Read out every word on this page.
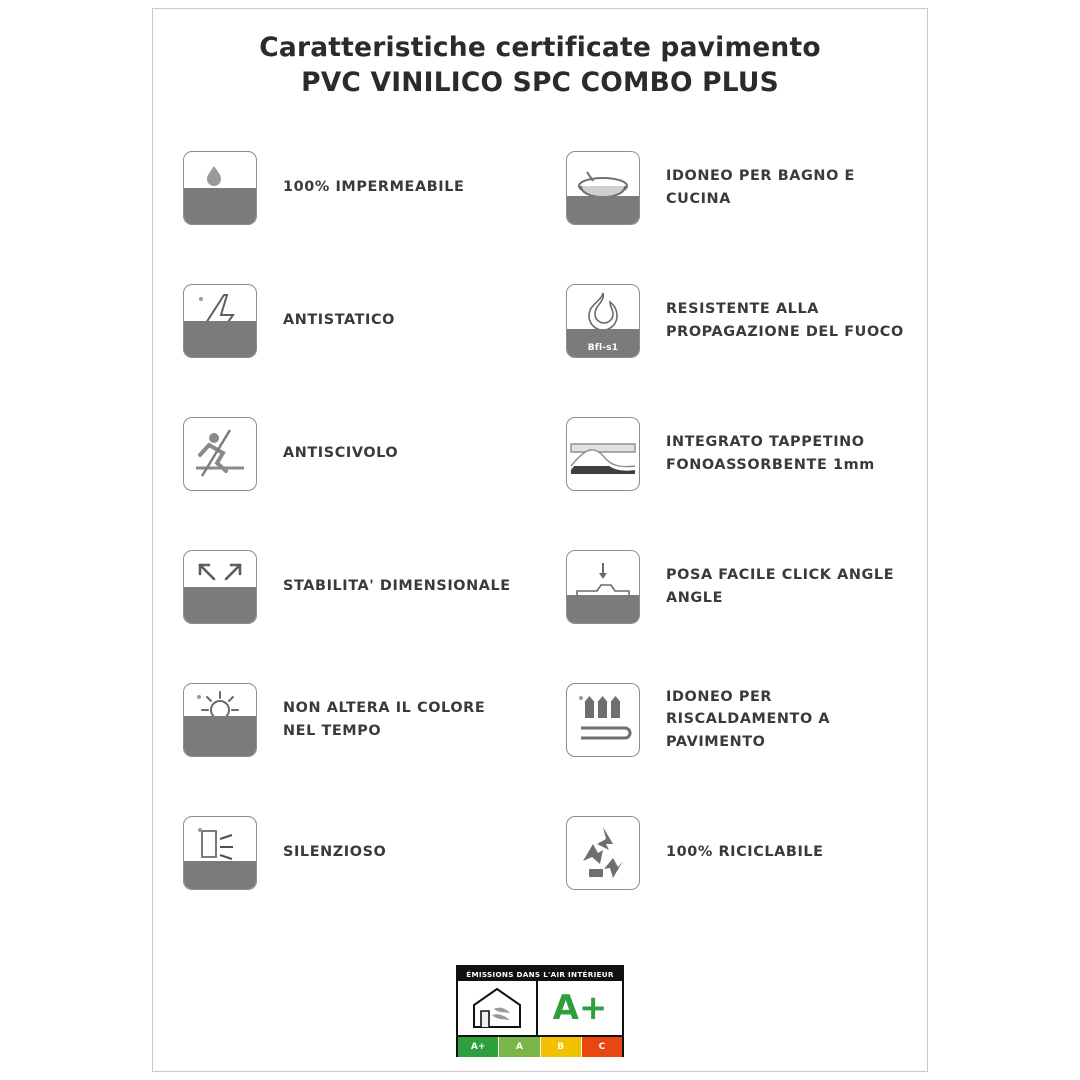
Caratteristiche certificate pavimento
PVC VINILICO SPC COMBO PLUS
100% IMPERMEABILE
IDONEO PER BAGNO E CUCINA
ANTISTATICO
Bfl-s1
RESISTENTE ALLA PROPAGAZIONE DEL FUOCO
ANTISCIVOLO
INTEGRATO TAPPETINO FONOASSORBENTE 1mm
STABILITA' DIMENSIONALE
POSA FACILE CLICK ANGLE ANGLE
NON ALTERA IL COLORE NEL TEMPO
IDONEO PER RISCALDAMENTO A PAVIMENTO
SILENZIOSO	100% RICICLABILE
ÉMISSIONS DANS L'AIR INTÉRIEUR
A+
A+	A	B	C
